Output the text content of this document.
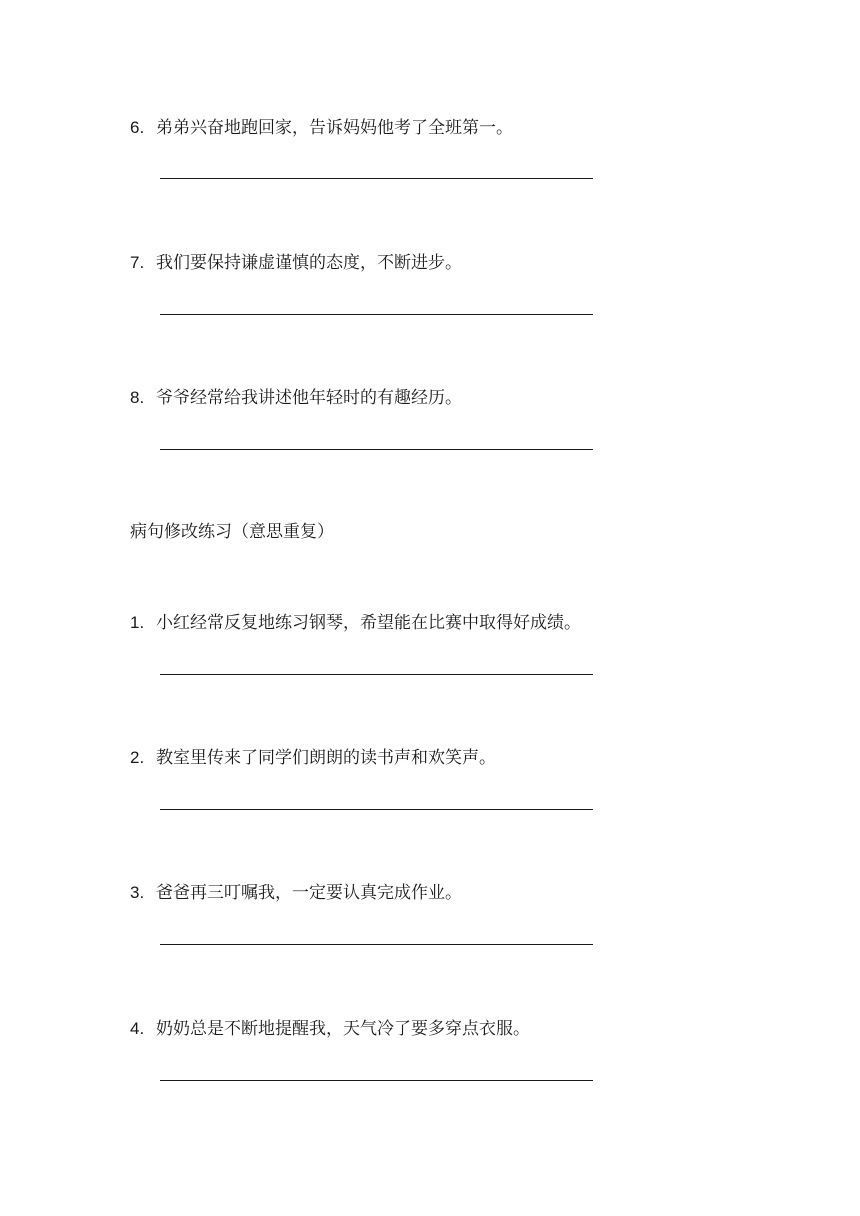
6. 弟弟兴奋地跑回家，告诉妈妈他考了全班第一。
7. 我们要保持谦虚谨慎的态度，不断进步。
8. 爷爷经常给我讲述他年轻时的有趣经历。
病句修改练习（意思重复）
1. 小红经常反复地练习钢琴，希望能在比赛中取得好成绩。
2. 教室里传来了同学们朗朗的读书声和欢笑声。
3. 爸爸再三叮嘱我，一定要认真完成作业。
4. 奶奶总是不断地提醒我，天气冷了要多穿点衣服。
